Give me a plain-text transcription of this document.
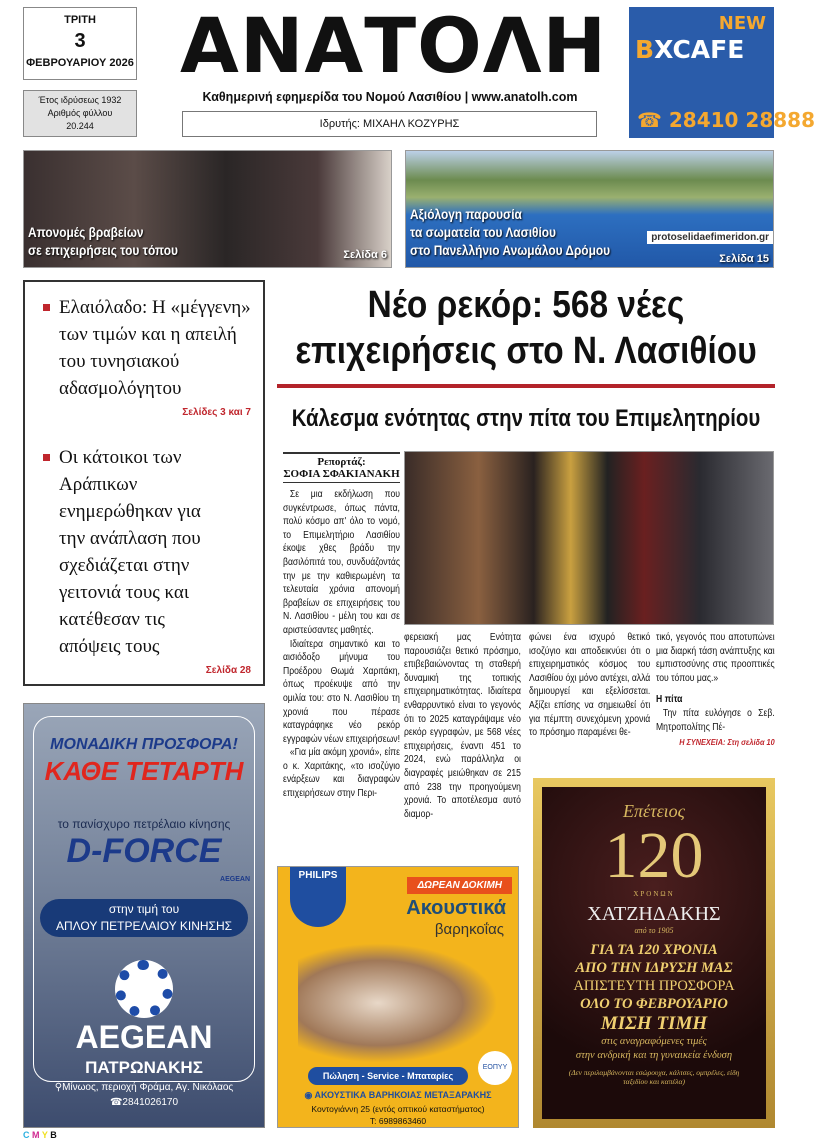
ΤΡΙΤΗ
3
ΦΕΒΡΟΥΑΡΙΟΥ 2026
Έτος ιδρύσεως 1932
Αριθμός φύλλου
20.244
ΑΝΑΤΟΛΗ
Καθημερινή εφημερίδα του Νομού Λασιθίου | www.anatolh.com
Ιδρυτής: ΜΙΧΑΗΛ ΚΟΖΥΡΗΣ
NEW
BXCAFE
☎ 28410 28888
Απονομές βραβείων
σε επιχειρήσεις του τόπου	Σελίδα 6
Αξιόλογη παρουσία
τα σωματεία του Λασιθίου
στο Πανελλήνιο Ανωμάλου Δρόμου
Σελίδα 15
protoselidaefimeridon.gr
Ελαιόλαδο: Η «μέγγενη» των τιμών και η απειλή του τυνησιακού αδασμολόγητου
Σελίδες 3 και 7
Οι κάτοικοι των Αράπικων ενημερώθηκαν για την ανάπλαση που σχεδιάζεται στην γειτονιά τους και κατέθεσαν τις απόψεις τους
Σελίδα 28
Νέο ρεκόρ: 568 νέες επιχειρήσεις στο Ν. Λασιθίου
Κάλεσμα ενότητας στην πίτα του Επιμελητηρίου
Ρεπορτάζ:
ΣΟΦΙΑ ΣΦΑΚΙΑΝΑΚΗ

Σε μια εκδήλωση που συγκέντρωσε, όπως πάντα, πολύ κόσμο απ' όλο το νομό, το Επιμελητήριο Λασιθίου έκοψε χθες βράδυ την βασιλόπιτά του, συνδυάζοντάς την με την καθιερωμένη τα τελευταία χρόνια απονομή βραβείων σε επιχειρήσεις του Ν. Λασιθίου - μέλη του και σε αριστεύσαντες μαθητές.

Ιδιαίτερα σημαντικό και το αισιόδοξο μήνυμα του Προέδρου Θωμά Χαριτάκη, όπως προέκυψε από την ομιλία του: στο Ν. Λασιθίου τη χρονιά που πέρασε καταγράφηκε νέο ρεκόρ εγγραφών νέων επιχειρήσεων!

«Για μία ακόμη χρονιά», είπε ο κ. Χαριτάκης, «το ισοζύγιο ενάρξεων και διαγραφών επιχειρήσεων στην Περι-

φερειακή μας Ενότητα παρουσιάζει θετικό πρόσημο, επιβεβαιώνοντας τη σταθερή δυναμική της τοπικής επιχειρηματικότητας. Ιδιαίτερα ενθαρρυντικό είναι το γεγονός ότι το 2025 καταγράψαμε νέο ρεκόρ εγγραφών, με 568 νέες επιχειρήσεις, έναντι 451 το 2024, ενώ παράλληλα οι διαγραφές μειώθηκαν σε 215 από 238 την προηγούμενη χρονιά. Το αποτέλεσμα αυτό διαμορ-

φώνει ένα ισχυρό θετικό ισοζύγιο και αποδεικνύει ότι ο επιχειρηματικός κόσμος του Λασιθίου όχι μόνο αντέχει, αλλά δημιουργεί και εξελίσσεται. Αξίζει επίσης να σημειωθεί ότι για πέμπτη συνεχόμενη χρονιά το πρόσημο παραμένει θε-

τικό, γεγονός που αποτυπώνει μια διαρκή τάση ανάπτυξης και εμπιστοσύνης στις προοπτικές του τόπου μας.»

Η πίτα

Την πίτα ευλόγησε ο Σεβ. Μητροπολίτης Πέ-

Η ΣΥΝΕΧΕΙΑ: Στη σελίδα 10
ΜΟΝΑΔΙΚΗ ΠΡΟΣΦΟΡΑ!
ΚΑΘΕ ΤΕΤΑΡΤΗ
το πανίσχυρο πετρέλαιο κίνησης
D-FORCE
AEGEAN
στην τιμή του
ΑΠΛΟΥ ΠΕΤΡΕΛΑΙΟΥ ΚΙΝΗΣΗΣ
AEGEAN
ΠΑΤΡΩΝΑΚΗΣ
⚲Μίνωος, περιοχή Φράμα, Αγ. Νικόλαος
☎2841026170
PHILIPS
ΔΩΡΕΑΝ ΔΟΚΙΜΗ
Ακουστικά
βαρηκοΐας
Πώληση - Service - Μπαταρίες
ΕΟΠΥΥ
◉ ΑΚΟΥΣΤΙΚΑ ΒΑΡΗΚΟΙΑΣ ΜΕΤΑΞΑΡΑΚΗΣ
Κοντογιάννη 25 (εντός οπτικού καταστήματος)
T: 6989863460
Επέτειος
120
ΧΡΟΝΩΝ
ΧΑΤΖΗΔΑΚΗΣ
από το 1905
ΓΙΑ ΤΑ 120 ΧΡΟΝΙΑ
ΑΠΟ ΤΗΝ ΙΔΡΥΣΗ ΜΑΣ
ΑΠΙΣΤΕΥΤΗ ΠΡΟΣΦΟΡΑ
ΟΛΟ ΤΟ ΦΕΒΡΟΥΑΡΙΟ
ΜΙΣΗ ΤΙΜΗ
στις αναγραφόμενες τιμές
στην ανδρική και τη γυναικεία ένδυση
(Δεν περιλαμβάνονται εσώρουχα, κάλτσες, ομπρέλες, είδη ταξιδίου και καπέλα)
C M Y B
